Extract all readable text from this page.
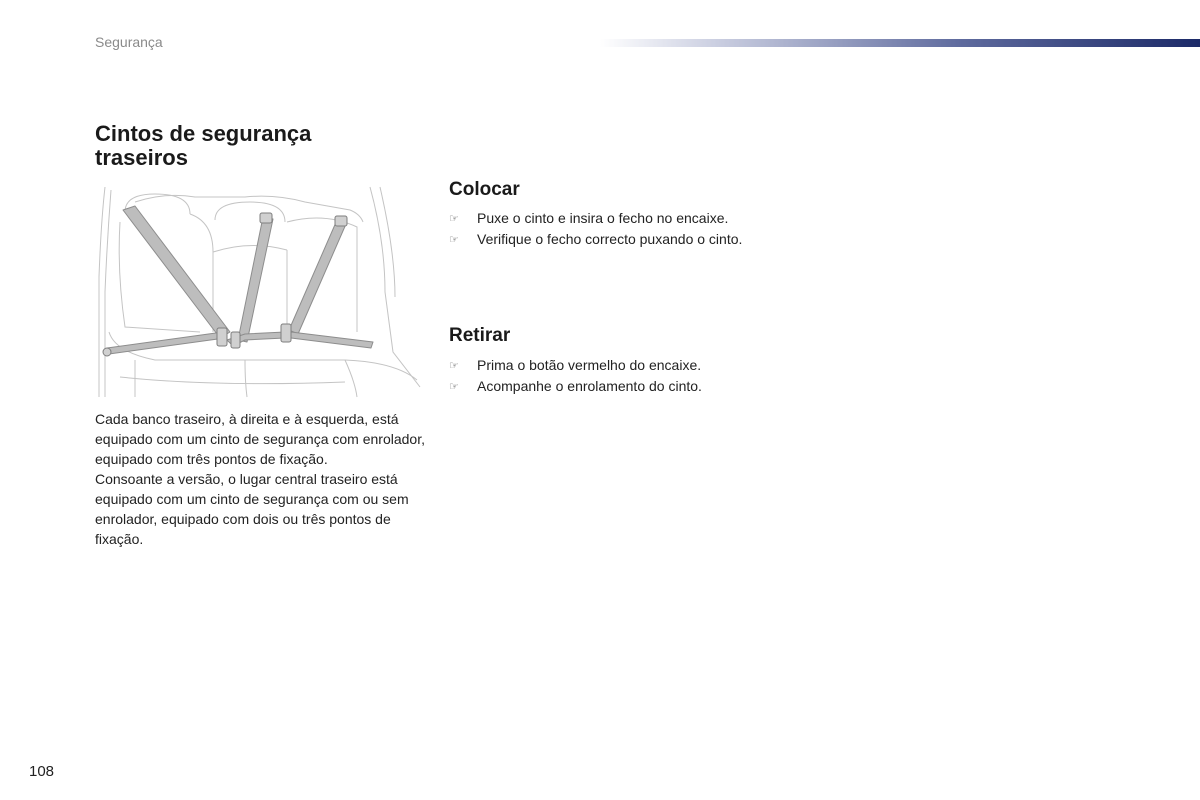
Segurança
Cintos de segurança traseiros

Cada banco traseiro, à direita e à esquerda, está equipado com um cinto de segurança com enrolador, equipado com três pontos de fixação.

Consoante a versão, o lugar central traseiro está equipado com um cinto de segurança com ou sem enrolador, equipado com dois ou três pontos de fixação.

Colocar
☞ Puxe o cinto e insira o fecho no encaixe.
☞ Verifique o fecho correcto puxando o cinto.
Retirar
☞ Prima o botão vermelho do encaixe.
☞ Acompanhe o enrolamento do cinto.
108
